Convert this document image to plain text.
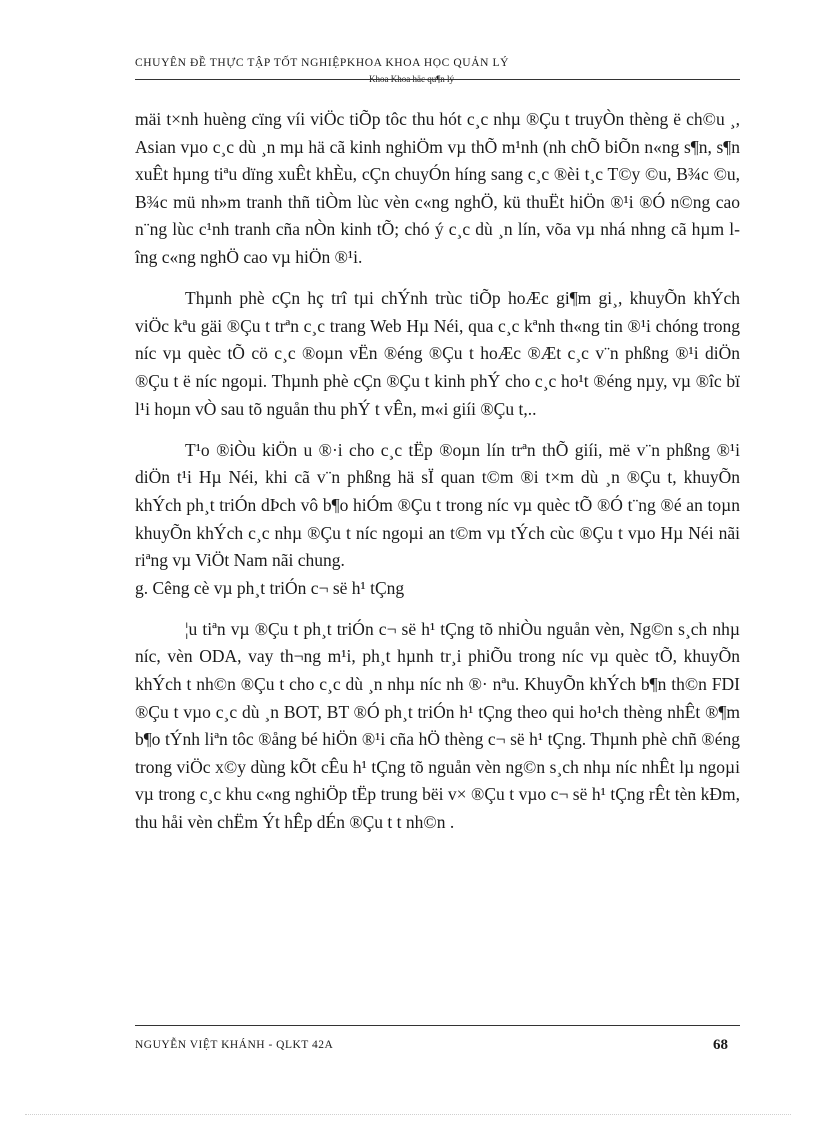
CHUYÊN ĐỀ THỰC TẬP TỐT NGHIỆPKHOA KHOA HỌC QUẢN LÝ
Khoa Khoa häc qu¶n lý

mäi t×nh huèng cïng víi viÖc tiÕp tôc thu hót c¸c nhµ ®Çu t truyÒn thèng ë ch©u ¸, Asian vµo c¸c dù ¸n mµ hä cã kinh nghiÖm vµ thÕ m¹nh (nh chÕ biÕn n«ng s¶n, s¶n xuÊt hµng tiªu dïng xuÊt khÈu, cÇn chuyÓn híng sang c¸c ®èi t¸c T©y ©u, B¾c ©u, B¾c mü nh»m tranh thñ tiÒm lùc vèn c«ng nghÖ, kü thuËt hiÖn ®¹i ®Ó n©ng cao n¨ng lùc c¹nh tranh cña nÒn kinh tÕ; chó ý c¸c dù ¸n lín, võa vµ nhá nhng cã hµm lîng c«ng nghÖ cao vµ hiÖn ®¹i.

Thµnh phè cÇn hç trî tµi chÝnh trùc tiÕp hoÆc gi¶m gi¸, khuyÕn khÝch viÖc kªu gäi ®Çu t trªn c¸c trang Web Hµ Néi, qua c¸c kªnh th«ng tin ®¹i chóng trong níc vµ quèc tÕ cö c¸c ®oµn vËn ®éng ®Çu t hoÆc ®Æt c¸c v¨n phßng ®¹i diÖn ®Çu t ë níc ngoµi. Thµnh phè cÇn ®Çu t kinh phÝ cho c¸c ho¹t ®éng nµy, vµ ®îc bï l¹i hoµn vÒ sau tõ nguån thu phÝ t vÊn, m«i giíi ®Çu t,..

T¹o ®iÒu kiÖn u ®·i cho c¸c tËp ®oµn lín trªn thÕ giíi, më v¨n phßng ®¹i diÖn t¹i Hµ Néi, khi cã v¨n phßng hä sÏ quan t©m ®i t×m dù ¸n ®Çu t, khuyÕn khÝch ph¸t triÓn dÞch vô b¶o hiÓm ®Çu t trong níc vµ quèc tÕ ®Ó t¨ng ®é an toµn khuyÕn khÝch c¸c nhµ ®Çu t níc ngoµi an t©m vµ tÝch cùc ®Çu t vµo Hµ Néi nãi riªng vµ ViÖt Nam nãi chung.

g. Cêng cè vµ ph¸t triÓn c¬ së h¹ tÇng

¦u tiªn vµ ®Çu t ph¸t triÓn c¬ së h¹ tÇng tõ nhiÒu nguån vèn, Ng©n s¸ch nhµ níc, vèn ODA, vay th¬ng m¹i, ph¸t hµnh tr¸i phiÕu trong níc vµ quèc tÕ, khuyÕn khÝch t nh©n ®Çu t cho c¸c dù ¸n nhµ níc nh ®· nªu. KhuyÕn khÝch b¶n th©n FDI ®Çu t vµo c¸c dù ¸n BOT, BT ®Ó ph¸t triÓn h¹ tÇng theo qui ho¹ch thèng nhÊt ®¶m b¶o tÝnh liªn tôc ®ång bé hiÖn ®¹i cña hÖ thèng c¬ së h¹ tÇng. Thµnh phè chñ ®éng trong viÖc x©y dùng kÕt cÊu h¹ tÇng tõ nguån vèn ng©n s¸ch nhµ níc nhÊt lµ ngoµi vµ trong c¸c khu c«ng nghiÖp tËp trung bëi v× ®Çu t vµo c¬ së h¹ tÇng rÊt tèn kÐm, thu håi vèn chËm Ýt hÊp dÉn ®Çu t t nh©n .

NGUYỄN VIỆT KHÁNH - QLKT 42A	68
